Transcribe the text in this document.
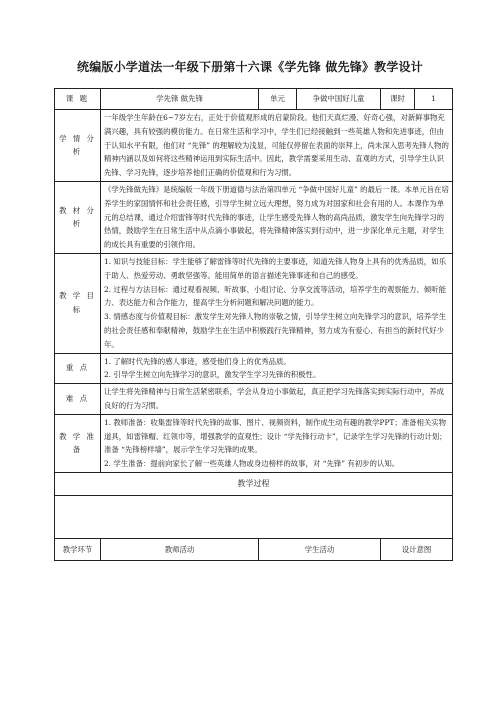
统编版小学道法一年级下册第十六课《学先锋 做先锋》教学设计
课 题	学先锋 做先锋	单元	争做中国好儿童	课时	1
学 情 分 析	一年级学生年龄在6~7岁左右，正处于价值观形成的启蒙阶段。他们天真烂漫、好奇心强，对新鲜事物充满兴趣，具有较强的模仿能力。在日常生活和学习中，学生们已经接触到一些英雄人物和先进事迹，但由于认知水平有限，他们对 “先锋” 的理解较为浅显，可能仅停留在表面的崇拜上，尚未深入思考先锋人物的精神内涵以及如何将这些精神运用到实际生活中。因此，教学需要采用生动、直观的方式，引导学生认识先锋、学习先锋，逐步培养他们正确的价值观和行为习惯。				
教 材 分 析	《学先锋做先锋》是统编版一年级下册道德与法治第四单元 “争做中国好儿童” 的最后一课。本单元旨在培养学生的家国情怀和社会责任感，引导学生树立远大理想，努力成为对国家和社会有用的人。本课作为单元的总结课，通过介绍雷锋等时代先锋的事迹，让学生感受先锋人物的高尚品质，激发学生向先锋学习的热情，鼓励学生在日常生活中从点滴小事做起，将先锋精神落实到行动中，进一步深化单元主题，对学生的成长具有重要的引领作用。				
教 学 目 标	1. 知识与技能目标：学生能够了解雷锋等时代先锋的主要事迹，知道先锋人物身上具有的优秀品质，如乐于助人、热爱劳动、勇敢坚强等。能用简单的语言描述先锋事迹和自己的感受。
2. 过程与方法目标：通过观看视频、听故事、小组讨论、分享交流等活动，培养学生的观察能力、倾听能力、表达能力和合作能力，提高学生分析问题和解决问题的能力。
3. 情感态度与价值观目标：激发学生对先锋人物的崇敬之情，引导学生树立向先锋学习的意识，培养学生的社会责任感和奉献精神，鼓励学生在生活中积极践行先锋精神，努力成为有爱心、有担当的新时代好少年。				

重 点	1. 了解时代先锋的感人事迹，感受他们身上的优秀品质。
2. 引导学生树立向先锋学习的意识，激发学生学习先锋的积极性。				

难 点	让学生将先锋精神与日常生活紧密联系，学会从身边小事做起，真正把学习先锋落实到实际行动中，养成良好的行为习惯。				
教 学 准 备	1. 教师准备：收集雷锋等时代先锋的故事、图片、视频资料，制作成生动有趣的教学PPT；准备相关实物道具，如雷锋帽、红领巾等，增强教学的直观性；设计 “学先锋行动卡”，记录学生学习先锋的行动计划；准备 “先锋榜样墙”，展示学生学习先锋的成果。
2. 学生准备：提前向家长了解一些英雄人物或身边榜样的故事，对 “先锋” 有初步的认知。				

教学过程					

教学环节	教师活动	学生活动		设计意图	
